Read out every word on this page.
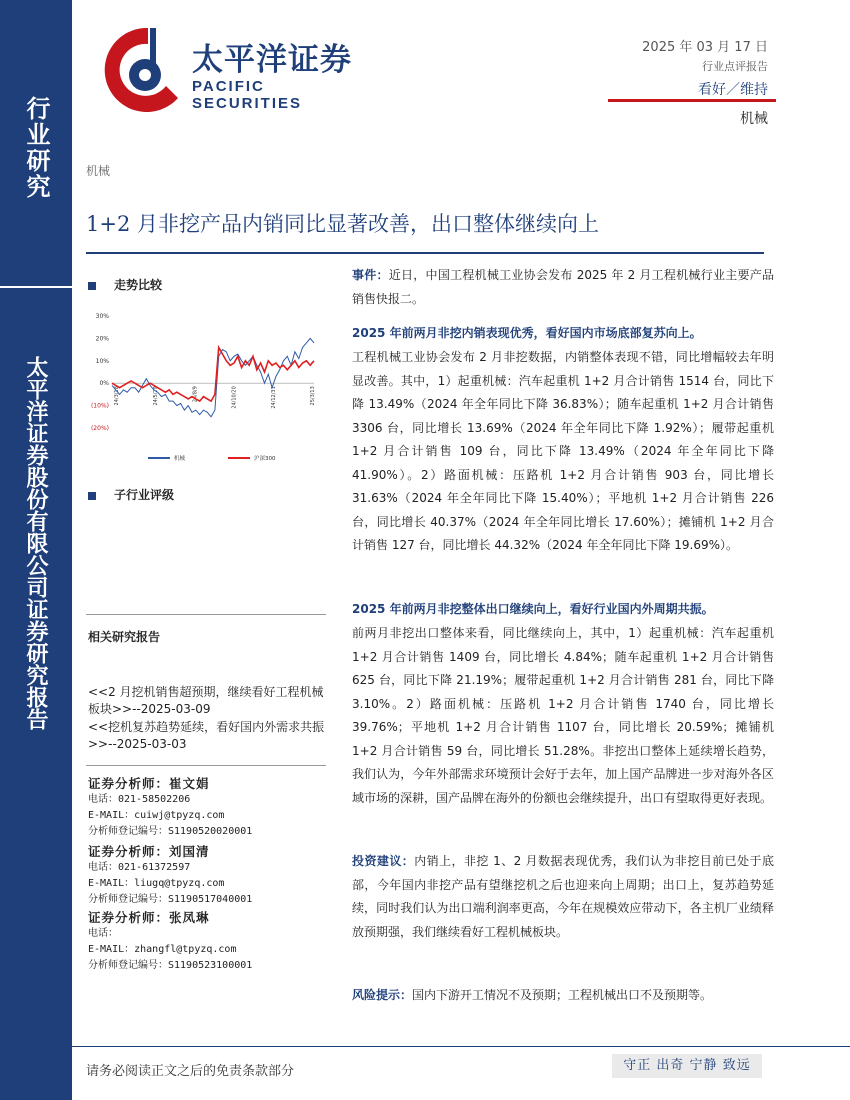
行业研究
太平洋证券股份有限公司证券研究报告
太平洋证券
PACIFIC SECURITIES
2025 年 03 月 17 日
行业点评报告
看好／维持
机械
机械
1+2 月非挖产品内销同比显著改善，出口整体继续向上
走势比较
30%
20%
10%
0%
(10%)
(20%)
24/3/18	24/5/29	24/8/9	24/10/20	24/12/31	25/3/13
机械	沪深300
子行业评级
相关研究报告
<<2 月挖机销售超预期，继续看好工程机械板块>>--2025-03-09
<<挖机复苏趋势延续，看好国内外需求共振>>--2025-03-03
证券分析师：崔文娟
电话：021-58502206
E-MAIL：cuiwj@tpyzq.com
分析师登记编号：S1190520020001
证券分析师：刘国清
电话：021-61372597
E-MAIL：liugq@tpyzq.com
分析师登记编号：S1190517040001
证券分析师：张凤琳
电话：
E-MAIL：zhangfl@tpyzq.com
分析师登记编号：S1190523100001
事件：近日，中国工程机械工业协会发布 2025 年 2 月工程机械行业主要产品销售快报二。
2025 年前两月非挖内销表现优秀，看好国内市场底部复苏向上。
工程机械工业协会发布 2 月非挖数据，内销整体表现不错，同比增幅较去年明显改善。其中，1）起重机械：汽车起重机 1+2 月合计销售 1514 台，同比下降 13.49%（2024 年全年同比下降 36.83%）；随车起重机 1+2 月合计销售 3306 台，同比增长 13.69%（2024 年全年同比下降 1.92%）；履带起重机 1+2 月合计销售 109 台，同比下降 13.49%（2024 年全年同比下降 41.90%）。2）路面机械：压路机 1+2 月合计销售 903 台，同比增长 31.63%（2024 年全年同比下降 15.40%）；平地机 1+2 月合计销售 226 台，同比增长 40.37%（2024 年全年同比增长 17.60%）；摊铺机 1+2 月合计销售 127 台，同比增长 44.32%（2024 年全年同比下降 19.69%）。
2025 年前两月非挖整体出口继续向上，看好行业国内外周期共振。
前两月非挖出口整体来看，同比继续向上，其中，1）起重机械：汽车起重机 1+2 月合计销售 1409 台，同比增长 4.84%；随车起重机 1+2 月合计销售 625 台，同比下降 21.19%；履带起重机 1+2 月合计销售 281 台，同比下降 3.10%。2）路面机械：压路机 1+2 月合计销售 1740 台，同比增长 39.76%；平地机 1+2 月合计销售 1107 台，同比增长 20.59%；摊铺机 1+2 月合计销售 59 台，同比增长 51.28%。非挖出口整体上延续增长趋势，我们认为，今年外部需求环境预计会好于去年，加上国产品牌进一步对海外各区域市场的深耕，国产品牌在海外的份额也会继续提升，出口有望取得更好表现。
投资建议：内销上，非挖 1、2 月数据表现优秀，我们认为非挖目前已处于底部，今年国内非挖产品有望继挖机之后也迎来向上周期；出口上，复苏趋势延续，同时我们认为出口端利润率更高，今年在规模效应带动下，各主机厂业绩释放预期强，我们继续看好工程机械板块。
风险提示：国内下游开工情况不及预期；工程机械出口不及预期等。
请务必阅读正文之后的免责条款部分	守正 出奇 宁静 致远
